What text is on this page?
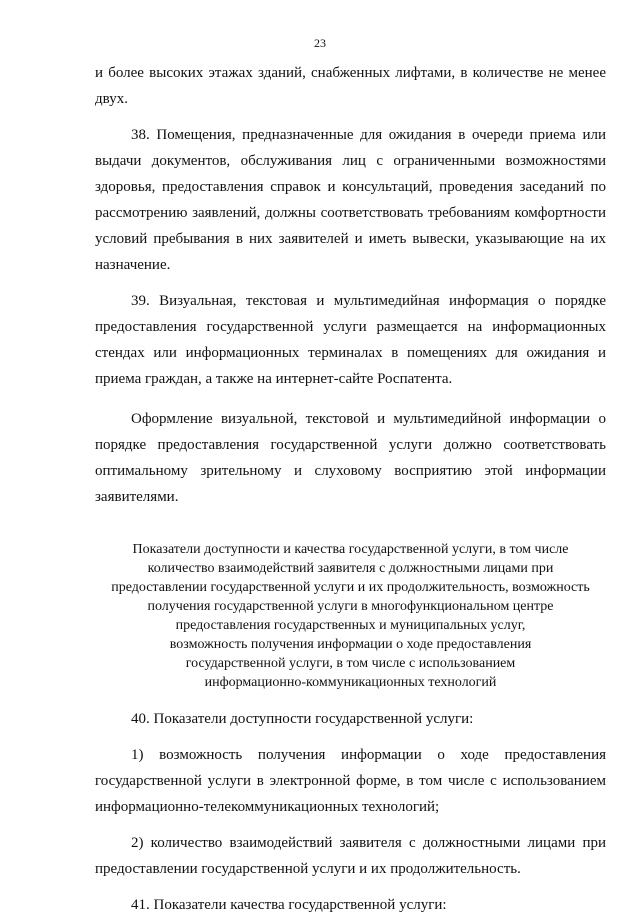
23

и более высоких этажах зданий, снабженных лифтами, в количестве не менее двух.

38. Помещения, предназначенные для ожидания в очереди приема или выдачи документов, обслуживания лиц с ограниченными возможностями здоровья, предоставления справок и консультаций, проведения заседаний по рассмотрению заявлений, должны соответствовать требованиям комфортности условий пребывания в них заявителей и иметь вывески, указывающие на их назначение.

39. Визуальная, текстовая и мультимедийная информация о порядке предоставления государственной услуги размещается на информационных стендах или информационных терминалах в помещениях для ожидания и приема граждан, а также на интернет-сайте Роспатента.

Оформление визуальной, текстовой и мультимедийной информации о порядке предоставления государственной услуги должно соответствовать оптимальному зрительному и слуховому восприятию этой информации заявителями.

Показатели доступности и качества государственной услуги, в том числе
количество взаимодействий заявителя с должностными лицами при
предоставлении государственной услуги и их продолжительность, возможность
получения государственной услуги в многофункциональном центре
предоставления государственных и муниципальных услуг,
возможность получения информации о ходе предоставления
государственной услуги, в том числе с использованием
информационно-коммуникационных технологий

40. Показатели доступности государственной услуги:

1) возможность получения информации о ходе предоставления государственной услуги в электронной форме, в том числе с использованием информационно-телекоммуникационных технологий;

2) количество взаимодействий заявителя с должностными лицами при предоставлении государственной услуги и их продолжительность.

41. Показатели качества государственной услуги:
